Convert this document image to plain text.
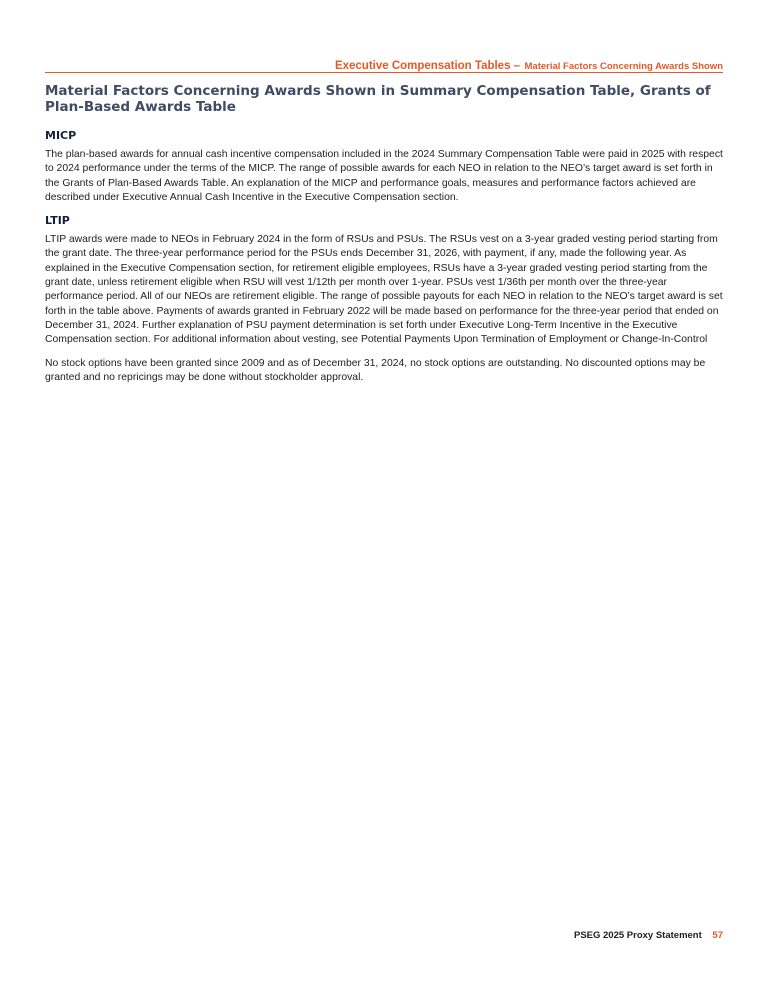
Executive Compensation Tables – Material Factors Concerning Awards Shown
Material Factors Concerning Awards Shown in Summary Compensation Table, Grants of Plan-Based Awards Table
MICP

The plan-based awards for annual cash incentive compensation included in the 2024 Summary Compensation Table were paid in 2025 with respect to 2024 performance under the terms of the MICP. The range of possible awards for each NEO in relation to the NEO’s target award is set forth in the Grants of Plan-Based Awards Table. An explanation of the MICP and performance goals, measures and performance factors achieved are described under Executive Annual Cash Incentive in the Executive Compensation section.

LTIP

LTIP awards were made to NEOs in February 2024 in the form of RSUs and PSUs. The RSUs vest on a 3-year graded vesting period starting from the grant date. The three-year performance period for the PSUs ends December 31, 2026, with payment, if any, made the following year. As explained in the Executive Compensation section, for retirement eligible employees, RSUs have a 3-year graded vesting period starting from the grant date, unless retirement eligible when RSU will vest 1/12th per month over 1-year. PSUs vest 1/36th per month over the three-year performance period. All of our NEOs are retirement eligible. The range of possible payouts for each NEO in relation to the NEO’s target award is set forth in the table above. Payments of awards granted in February 2022 will be made based on performance for the three-year period that ended on December 31, 2024. Further explanation of PSU payment determination is set forth under Executive Long-Term Incentive in the Executive Compensation section. For additional information about vesting, see Potential Payments Upon Termination of Employment or Change-In-Control

No stock options have been granted since 2009 and as of December 31, 2024, no stock options are outstanding. No discounted options may be granted and no repricings may be done without stockholder approval.

PSEG 2025 Proxy Statement 57
